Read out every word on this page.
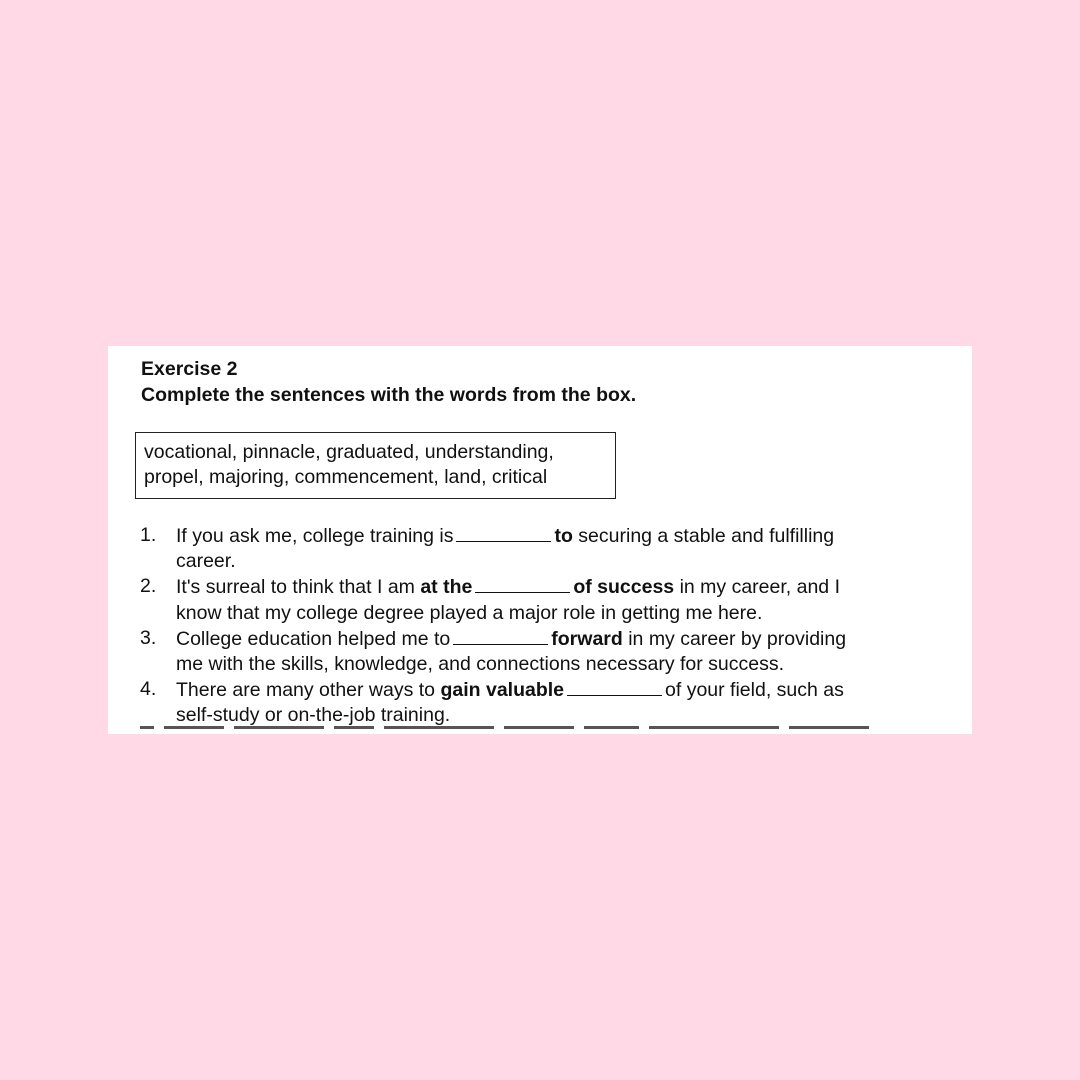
Exercise 2
Complete the sentences with the words from the box.
vocational, pinnacle, graduated, understanding,
propel, majoring, commencement, land, critical
1. If you ask me, college training is	to securing a stable and fulfilling
career.
2. It's surreal to think that I am at the	of success in my career, and I
know that my college degree played a major role in getting me here.
3. College education helped me to	forward in my career by providing
me with the skills, knowledge, and connections necessary for success.
4. There are many other ways to gain valuable	of your field, such as
self-study or on-the-job training.
